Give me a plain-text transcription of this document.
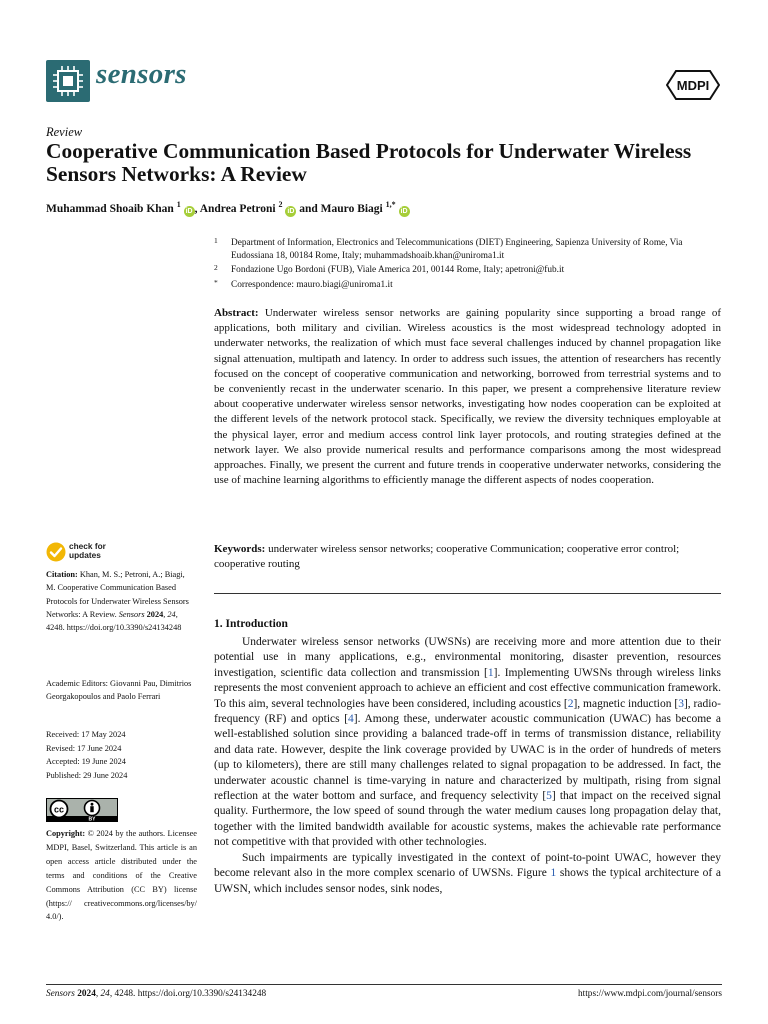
sensors	MDPI
Review
Cooperative Communication Based Protocols for Underwater Wireless Sensors Networks: A Review
Muhammad Shoaib Khan $^1$ iD , Andrea Petroni $^2$ iD and Mauro Biagi $^{1,*}$ iD
1 Department of Information, Electronics and Telecommunications (DIET) Engineering, Sapienza University of Rome, Via Eudossiana 18, 00184 Rome, Italy; muhammadshoaib.khan@uniroma1.it
2 Fondazione Ugo Bordoni (FUB), Viale America 201, 00144 Rome, Italy; apetroni@fub.it
* Correspondence: mauro.biagi@uniroma1.it

Abstract: Underwater wireless sensor networks are gaining popularity since supporting a broad range of applications, both military and civilian. Wireless acoustics is the most widespread technology adopted in underwater networks, the realization of which must face several challenges induced by channel propagation like signal attenuation, multipath and latency. In order to address such issues, the attention of researchers has recently focused on the concept of cooperative communication and networking, borrowed from terrestrial systems and to be conveniently recast in the underwater scenario. In this paper, we present a comprehensive literature review about cooperative underwater wireless sensor networks, investigating how nodes cooperation can be exploited at the different levels of the network protocol stack. Specifically, we review the diversity techniques employable at the physical layer, error and medium access control link layer protocols, and routing strategies defined at the network layer. We also provide numerical results and performance comparisons among the most widespread approaches. Finally, we present the current and future trends in cooperative underwater networks, considering the use of machine learning algorithms to efficiently manage the different aspects of nodes cooperation.

Keywords: underwater wireless sensor networks; cooperative Communication; cooperative error control; cooperative routing

1. Introduction

Underwater wireless sensor networks (UWSNs) are receiving more and more attention due to their potential use in many applications, e.g., environmental monitoring, disaster prevention, resources investigation, scientific data collection and transmission [1]. Implementing UWSNs through wireless links represents the most convenient approach to achieve an efficient and cost effective communication framework. To this aim, several technologies have been considered, including acoustics [2], magnetic induction [3], radio-frequency (RF) and optics [4]. Among these, underwater acoustic communication (UWAC) has become a well-established solution since providing a balanced trade-off in terms of transmission distance, reliability and data rate. However, despite the link coverage provided by UWAC is in the order of hundreds of meters (up to kilometers), there are still many challenges related to signal propagation to be addressed. In fact, the underwater acoustic channel is time-varying in nature and characterized by multipath, rising from signal reflection at the water bottom and surface, and frequency selectivity [5] that impact on the received signal quality. Furthermore, the low speed of sound through the water medium causes long propagation delay that, together with the limited bandwidth available for acoustic systems, makes the achievable rate performance not competitive with that provided with other technologies.

Such impairments are typically investigated in the context of point-to-point UWAC, however they become relevant also in the more complex scenario of UWSNs. Figure 1 shows the typical architecture of a UWSN, which includes sensor nodes, sink nodes,

check for
updates
Citation: Khan, M. S.; Petroni, A.; Biagi, M. Cooperative Communication Based Protocols for Underwater Wireless Sensors Networks: A Review. Sensors 2024, 24, 4248. https://doi.org/10.3390/s24134248
Academic Editors: Giovanni Pau, Dimitrios Georgakopoulos and Paolo Ferrari
Received: 17 May 2024
Revised: 17 June 2024
Accepted: 19 June 2024
Published: 29 June 2024
cc
BY
Copyright: © 2024 by the authors. Licensee MDPI, Basel, Switzerland. This article is an open access article distributed under the terms and conditions of the Creative Commons Attribution (CC BY) license (https:// creativecommons.org/licenses/by/ 4.0/).
Sensors 2024, 24, 4248. https://doi.org/10.3390/s24134248	https://www.mdpi.com/journal/sensors
